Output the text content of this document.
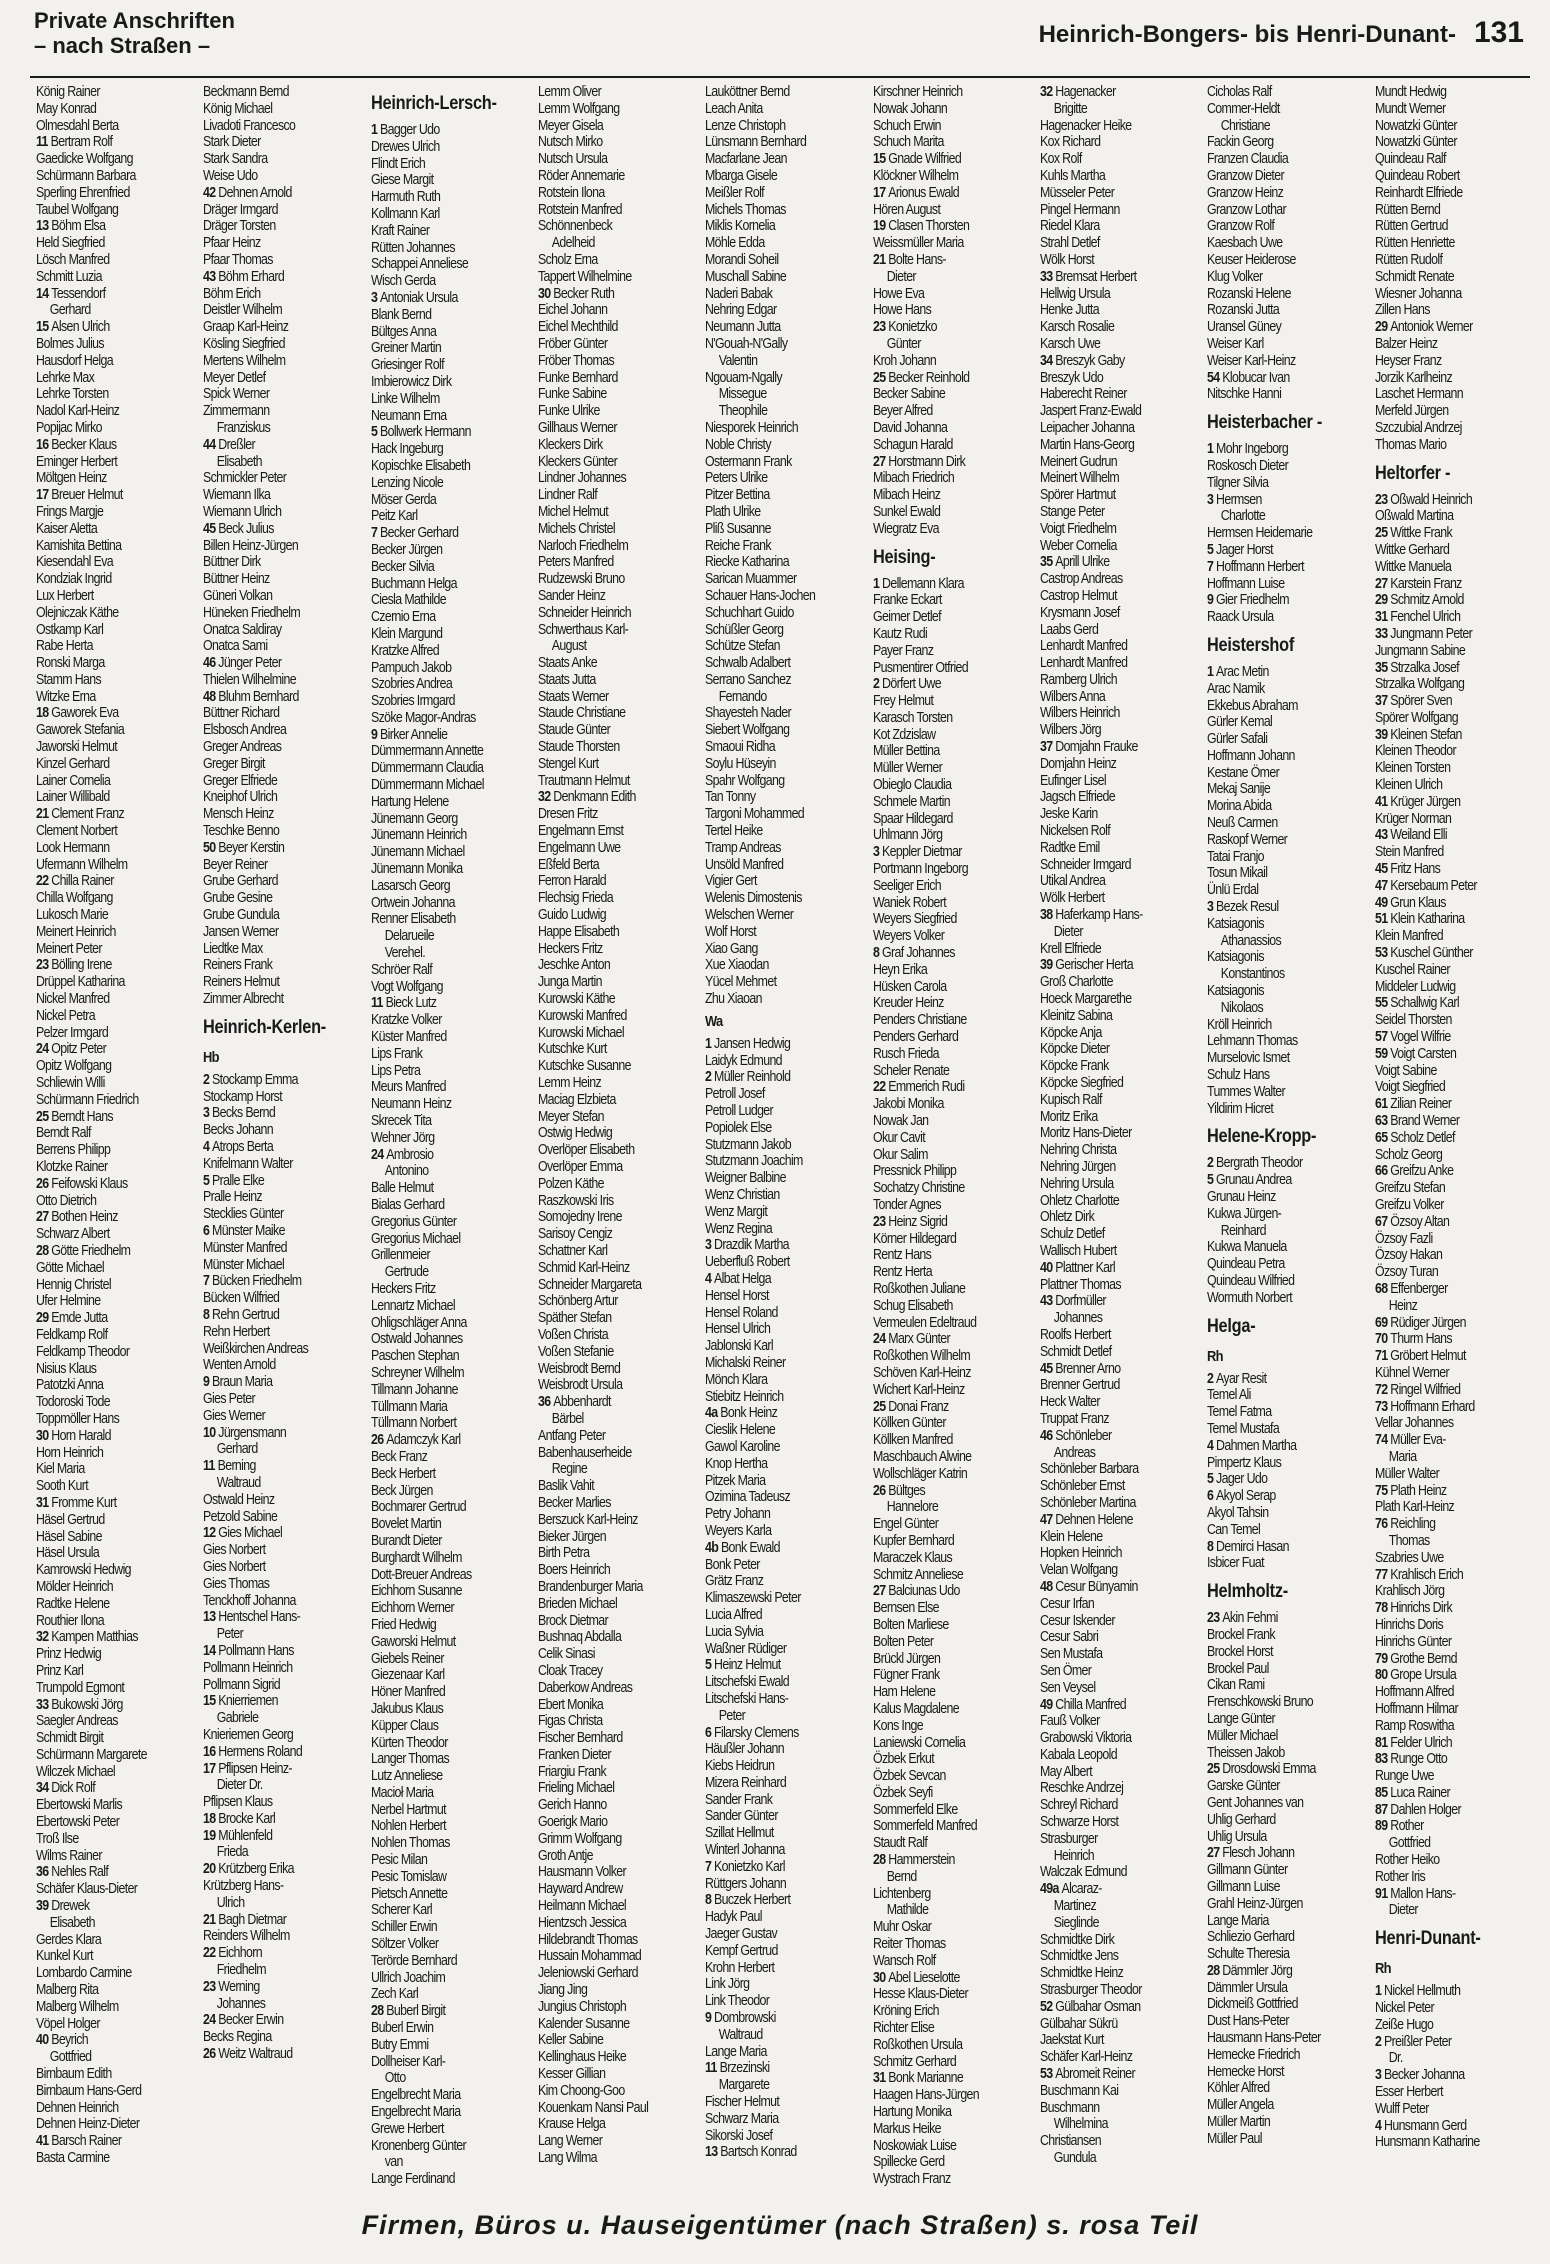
Private Anschriften
– nach Straßen –	Heinrich-Bongers- bis Henri-Dunant- 131
König Rainer
May Konrad
Olmesdahl Berta
11 Bertram Rolf
Gaedicke Wolfgang
Schürmann Barbara
Sperling Ehrenfried
Taubel Wolfgang
13 Böhm Elsa
Held Siegfried
Lösch Manfred
Schmitt Luzia
14 Tessendorf
Gerhard
15 Alsen Ulrich
Bolmes Julius
Hausdorf Helga
Lehrke Max
Lehrke Torsten
Nadol Karl-Heinz
Popijac Mirko
16 Becker Klaus
Eminger Herbert
Möltgen Heinz
17 Breuer Helmut
Frings Margje
Kaiser Aletta
Kamishita Bettina
Kiesendahl Eva
Kondziak Ingrid
Lux Herbert
Olejniczak Käthe
Ostkamp Karl
Rabe Herta
Ronski Marga
Stamm Hans
Witzke Erna
18 Gaworek Eva
Gaworek Stefania
Jaworski Helmut
Kinzel Gerhard
Lainer Cornelia
Lainer Willibald
21 Clement Franz
Clement Norbert
Look Hermann
Ufermann Wilhelm
22 Chilla Rainer
Chilla Wolfgang
Lukosch Marie
Meinert Heinrich
Meinert Peter
23 Bölling Irene
Drüppel Katharina
Nickel Manfred
Nickel Petra
Pelzer Irmgard
24 Opitz Peter
Opitz Wolfgang
Schliewin Willi
Schürmann Friedrich
25 Berndt Hans
Berndt Ralf
Berrens Philipp
Klotzke Rainer
26 Feifowski Klaus
Otto Dietrich
27 Bothen Heinz
Schwarz Albert
28 Götte Friedhelm
Götte Michael
Hennig Christel
Ufer Helmine
29 Emde Jutta
Feldkamp Rolf
Feldkamp Theodor
Nisius Klaus
Patotzki Anna
Todoroski Tode
Toppmöller Hans
30 Horn Harald
Horn Heinrich
Kiel Maria
Sooth Kurt
31 Fromme Kurt
Häsel Gertrud
Häsel Sabine
Häsel Ursula
Kamrowski Hedwig
Mölder Heinrich
Radtke Helene
Routhier Ilona
32 Kampen Matthias
Prinz Hedwig
Prinz Karl
Trumpold Egmont
33 Bukowski Jörg
Saegler Andreas
Schmidt Birgit
Schürmann Margarete
Wilczek Michael
34 Dick Rolf
Ebertowski Marlis
Ebertowski Peter
Troß Ilse
Wilms Rainer
36 Nehles Ralf
Schäfer Klaus-Dieter
39 Drewek
Elisabeth
Gerdes Klara
Kunkel Kurt
Lombardo Carmine
Malberg Rita
Malberg Wilhelm
Vöpel Holger
40 Beyrich
Gottfried
Birnbaum Edith
Birnbaum Hans-Gerd
Dehnen Heinrich
Dehnen Heinz-Dieter
41 Barsch Rainer
Basta Carmine
Beckmann Bernd
König Michael
Livadoti Francesco
Stark Dieter
Stark Sandra
Weise Udo
42 Dehnen Arnold
Dräger Irmgard
Dräger Torsten
Pfaar Heinz
Pfaar Thomas
43 Böhm Erhard
Böhm Erich
Deistler Wilhelm
Graap Karl-Heinz
Kösling Siegfried
Mertens Wilhelm
Meyer Detlef
Spick Werner
Zimmermann
Franziskus
44 Dreßler
Elisabeth
Schmickler Peter
Wiemann Ilka
Wiemann Ulrich
45 Beck Julius
Billen Heinz-Jürgen
Büttner Dirk
Büttner Heinz
Güneri Volkan
Hüneken Friedhelm
Onatca Saldiray
Onatca Sami
46 Jünger Peter
Thielen Wilhelmine
48 Bluhm Bernhard
Büttner Richard
Elsbosch Andrea
Greger Andreas
Greger Birgit
Greger Elfriede
Kneiphof Ulrich
Mensch Heinz
Teschke Benno
50 Beyer Kerstin
Beyer Reiner
Grube Gerhard
Grube Gesine
Grube Gundula
Jansen Werner
Liedtke Max
Reiners Frank
Reiners Helmut
Zimmer Albrecht
Heinrich-Kerlen-
Hb
2 Stockamp Emma
Stockamp Horst
3 Becks Bernd
Becks Johann
4 Atrops Berta
Knifelmann Walter
5 Pralle Elke
Pralle Heinz
Stecklies Günter
6 Münster Maike
Münster Manfred
Münster Michael
7 Bücken Friedhelm
Bücken Wilfried
8 Rehn Gertrud
Rehn Herbert
Weißkirchen Andreas
Wenten Arnold
9 Braun Maria
Gies Peter
Gies Werner
10 Jürgensmann
Gerhard
11 Berning
Waltraud
Ostwald Heinz
Petzold Sabine
12 Gies Michael
Gies Norbert
Gies Norbert
Gies Thomas
Tenckhoff Johanna
13 Hentschel Hans-
Peter
14 Pollmann Hans
Pollmann Heinrich
Pollmann Sigrid
15 Knierriemen
Gabriele
Knieriemen Georg
16 Hermens Roland
17 Pflipsen Heinz-
Dieter Dr.
Pflipsen Klaus
18 Brocke Karl
19 Mühlenfeld
Frieda
20 Krützberg Erika
Krützberg Hans-
Ulrich
21 Bagh Dietmar
Reinders Wilhelm
22 Eichhorn
Friedhelm
23 Werning
Johannes
24 Becker Erwin
Becks Regina
26 Weitz Waltraud
Heinrich-Lersch-
1 Bagger Udo
Drewes Ulrich
Flindt Erich
Giese Margit
Harmuth Ruth
Kollmann Karl
Kraft Rainer
Rütten Johannes
Schappei Anneliese
Wisch Gerda
3 Antoniak Ursula
Blank Bernd
Bültges Anna
Greiner Martin
Griesinger Rolf
Imbierowicz Dirk
Linke Wilhelm
Neumann Erna
5 Bollwerk Hermann
Hack Ingeburg
Kopischke Elisabeth
Lenzing Nicole
Möser Gerda
Peitz Karl
7 Becker Gerhard
Becker Jürgen
Becker Silvia
Buchmann Helga
Ciesla Mathilde
Czernio Erna
Klein Margund
Kratzke Alfred
Pampuch Jakob
Szobries Andrea
Szobries Irmgard
Szöke Magor-Andras
9 Birker Annelie
Dümmermann Annette
Dümmermann Claudia
Dümmermann Michael
Hartung Helene
Jünemann Georg
Jünemann Heinrich
Jünemann Michael
Jünemann Monika
Lasarsch Georg
Ortwein Johanna
Renner Elisabeth
Delarueile
Verehel.
Schröer Ralf
Vogt Wolfgang
11 Bieck Lutz
Kratzke Volker
Küster Manfred
Lips Frank
Lips Petra
Meurs Manfred
Neumann Heinz
Skrecek Tita
Wehner Jörg
24 Ambrosio
Antonino
Balle Helmut
Bialas Gerhard
Gregorius Günter
Gregorius Michael
Grillenmeier
Gertrude
Heckers Fritz
Lennartz Michael
Ohligschläger Anna
Ostwald Johannes
Paschen Stephan
Schreyner Wilhelm
Tillmann Johanne
Tüllmann Maria
Tüllmann Norbert
26 Adamczyk Karl
Beck Franz
Beck Herbert
Beck Jürgen
Bochmarer Gertrud
Bovelet Martin
Burandt Dieter
Burghardt Wilhelm
Dott-Breuer Andreas
Eichhorn Susanne
Eichhorn Werner
Fried Hedwig
Gaworski Helmut
Giebels Reiner
Giezenaar Karl
Höner Manfred
Jakubus Klaus
Küpper Claus
Kürten Theodor
Langer Thomas
Lutz Anneliese
Macioł Maria
Nerbel Hartmut
Nohlen Herbert
Nohlen Thomas
Pesic Milan
Pesic Tomislaw
Pietsch Annette
Scherer Karl
Schiller Erwin
Söltzer Volker
Terörde Bernhard
Ullrich Joachim
Zech Karl
28 Buberl Birgit
Buberl Erwin
Butry Emmi
Dollheiser Karl-
Otto
Engelbrecht Maria
Engelbrecht Maria
Grewe Herbert
Kronenberg Günter
van
Lange Ferdinand
Lemm Oliver
Lemm Wolfgang
Meyer Gisela
Nutsch Mirko
Nutsch Ursula
Röder Annemarie
Rotstein Ilona
Rotstein Manfred
Schönnenbeck
Adelheid
Scholz Erna
Tappert Wilhelmine
30 Becker Ruth
Eichel Johann
Eichel Mechthild
Fröber Günter
Fröber Thomas
Funke Bernhard
Funke Sabine
Funke Ulrike
Gillhaus Werner
Kleckers Dirk
Kleckers Günter
Lindner Johannes
Lindner Ralf
Michel Helmut
Michels Christel
Narloch Friedhelm
Peters Manfred
Rudzewski Bruno
Sander Heinz
Schneider Heinrich
Schwerthaus Karl-
August
Staats Anke
Staats Jutta
Staats Werner
Staude Christiane
Staude Günter
Staude Thorsten
Stengel Kurt
Trautmann Helmut
32 Denkmann Edith
Dresen Fritz
Engelmann Ernst
Engelmann Uwe
Eßfeld Berta
Ferron Harald
Flechsig Frieda
Guido Ludwig
Happe Elisabeth
Heckers Fritz
Jeschke Anton
Junga Martin
Kurowski Käthe
Kurowski Manfred
Kurowski Michael
Kutschke Kurt
Kutschke Susanne
Lemm Heinz
Maciag Elzbieta
Meyer Stefan
Ostwig Hedwig
Overlöper Elisabeth
Overlöper Emma
Polzen Käthe
Raszkowski Iris
Somojedny Irene
Sarisoy Cengiz
Schattner Karl
Schmid Karl-Heinz
Schneider Margareta
Schönberg Artur
Späther Stefan
Voßen Christa
Voßen Stefanie
Weisbrodt Bernd
Weisbrodt Ursula
36 Abbenhardt
Bärbel
Antfang Peter
Babenhauserheide
Regine
Baslik Vahit
Becker Marlies
Berszuck Karl-Heinz
Bieker Jürgen
Birth Petra
Boers Heinrich
Brandenburger Maria
Brieden Michael
Brock Dietmar
Bushnaq Abdalla
Celik Sinasi
Cloak Tracey
Daberkow Andreas
Ebert Monika
Figas Christa
Fischer Bernhard
Franken Dieter
Friargiu Frank
Frieling Michael
Gerich Hanno
Goerigk Mario
Grimm Wolfgang
Groth Antje
Hausmann Volker
Hayward Andrew
Heilmann Michael
Hientzsch Jessica
Hildebrandt Thomas
Hussain Mohammad
Jeleniowski Gerhard
Jiang Jing
Jungius Christoph
Kalender Susanne
Keller Sabine
Kellinghaus Heike
Kesser Gillian
Kim Choong-Goo
Kouenkam Nansi Paul
Krause Helga
Lang Werner
Lang Wilma
Lauköttner Bernd
Leach Anita
Lenze Christoph
Lünsmann Bernhard
Macfarlane Jean
Mbarga Gisele
Meißler Rolf
Michels Thomas
Miklis Kornelia
Möhle Edda
Morandi Soheil
Muschall Sabine
Naderi Babak
Nehring Edgar
Neumann Jutta
N'Gouah-N'Gally
Valentin
Ngouam-Ngally
Missegue
Theophile
Niesporek Heinrich
Noble Christy
Ostermann Frank
Peters Ulrike
Pitzer Bettina
Plath Ulrike
Pliß Susanne
Reiche Frank
Riecke Katharina
Sarican Muammer
Schauer Hans-Jochen
Schuchhart Guido
Schüßler Georg
Schütze Stefan
Schwalb Adalbert
Serrano Sanchez
Fernando
Shayesteh Nader
Siebert Wolfgang
Smaoui Ridha
Soylu Hüseyin
Spahr Wolfgang
Tan Tonny
Targoni Mohammed
Tertel Heike
Tramp Andreas
Unsöld Manfred
Vigier Gert
Welenis Dimostenis
Welschen Werner
Wolf Horst
Xiao Gang
Xue Xiaodan
Yücel Mehmet
Zhu Xiaoan
Wa
1 Jansen Hedwig
Laidyk Edmund
2 Müller Reinhold
Petroll Josef
Petroll Ludger
Popiolek Else
Stutzmann Jakob
Stutzmann Joachim
Weigner Balbine
Wenz Christian
Wenz Margit
Wenz Regina
3 Drazdik Martha
Ueberfluß Robert
4 Albat Helga
Hensel Horst
Hensel Roland
Hensel Ulrich
Jablonski Karl
Michalski Reiner
Mönch Klara
Stiebitz Heinrich
4a Bonk Heinz
Cieslik Helene
Gawol Karoline
Knop Hertha
Pitzek Maria
Ozimina Tadeusz
Petry Johann
Weyers Karla
4b Bonk Ewald
Bonk Peter
Grätz Franz
Klimaszewski Peter
Lucia Alfred
Lucia Sylvia
Waßner Rüdiger
5 Heinz Helmut
Litschefski Ewald
Litschefski Hans-
Peter
6 Filarsky Clemens
Häußler Johann
Kiebs Heidrun
Mizera Reinhard
Sander Frank
Sander Günter
Szillat Hellmut
Winterl Johanna
7 Konietzko Karl
Rüttgers Johann
8 Buczek Herbert
Hadyk Paul
Jaeger Gustav
Kempf Gertrud
Krohn Herbert
Link Jörg
Link Theodor
9 Dombrowski
Waltraud
Lange Maria
11 Brzezinski
Margarete
Fischer Helmut
Schwarz Maria
Sikorski Josef
13 Bartsch Konrad
Kirschner Heinrich
Nowak Johann
Schuch Erwin
Schuch Marita
15 Gnade Wilfried
Klöckner Wilhelm
17 Arionus Ewald
Hören August
19 Clasen Thorsten
Weissmüller Maria
21 Bolte Hans-
Dieter
Howe Eva
Howe Hans
23 Konietzko
Günter
Kroh Johann
25 Becker Reinhold
Becker Sabine
Beyer Alfred
David Johanna
Schagun Harald
27 Horstmann Dirk
Mibach Friedrich
Mibach Heinz
Sunkel Ewald
Wiegratz Eva
Heising-
1 Dellemann Klara
Franke Eckart
Geimer Detlef
Kautz Rudi
Payer Franz
Pusmentirer Otfried
2 Dörfert Uwe
Frey Helmut
Karasch Torsten
Kot Zdzislaw
Müller Bettina
Müller Werner
Obieglo Claudia
Schmele Martin
Spaar Hildegard
Uhlmann Jörg
3 Keppler Dietmar
Portmann Ingeborg
Seeliger Erich
Waniek Robert
Weyers Siegfried
Weyers Volker
8 Graf Johannes
Heyn Erika
Hüsken Carola
Kreuder Heinz
Penders Christiane
Penders Gerhard
Rusch Frieda
Scheler Renate
22 Emmerich Rudi
Jakobi Monika
Nowak Jan
Okur Cavit
Okur Salim
Pressnick Philipp
Sochatzy Christine
Tonder Agnes
23 Heinz Sigrid
Körner Hildegard
Rentz Hans
Rentz Herta
Roßkothen Juliane
Schug Elisabeth
Vermeulen Edeltraud
24 Marx Günter
Roßkothen Wilhelm
Schöven Karl-Heinz
Wichert Karl-Heinz
25 Donai Franz
Köllken Günter
Köllken Manfred
Maschbauch Alwine
Wollschläger Katrin
26 Bültges
Hannelore
Engel Günter
Kupfer Bernhard
Maraczek Klaus
Schmitz Anneliese
27 Balciunas Udo
Bernsen Else
Bolten Marliese
Bolten Peter
Brückl Jürgen
Fügner Frank
Ham Helene
Kalus Magdalene
Kons Inge
Laniewski Cornelia
Özbek Erkut
Özbek Sevcan
Özbek Seyfi
Sommerfeld Elke
Sommerfeld Manfred
Staudt Ralf
28 Hammerstein
Bernd
Lichtenberg
Mathilde
Muhr Oskar
Reiter Thomas
Wansch Rolf
30 Abel Lieselotte
Hesse Klaus-Dieter
Kröning Erich
Richter Elise
Roßkothen Ursula
Schmitz Gerhard
31 Bonk Marianne
Haagen Hans-Jürgen
Hartung Monika
Markus Heike
Noskowiak Luise
Spillecke Gerd
Wystrach Franz
32 Hagenacker
Brigitte
Hagenacker Heike
Kox Richard
Kox Rolf
Kuhls Martha
Müsseler Peter
Pingel Hermann
Riedel Klara
Strahl Detlef
Wölk Horst
33 Bremsat Herbert
Hellwig Ursula
Henke Jutta
Karsch Rosalie
Karsch Uwe
34 Breszyk Gaby
Breszyk Udo
Haberecht Reiner
Jaspert Franz-Ewald
Leipacher Johanna
Martin Hans-Georg
Meinert Gudrun
Meinert Wilhelm
Spörer Hartmut
Stange Peter
Voigt Friedhelm
Weber Cornelia
35 Aprill Ulrike
Castrop Andreas
Castrop Helmut
Krysmann Josef
Laabs Gerd
Lenhardt Manfred
Lenhardt Manfred
Ramberg Ulrich
Wilbers Anna
Wilbers Heinrich
Wilbers Jörg
37 Domjahn Frauke
Domjahn Heinz
Eufinger Lisel
Jagsch Elfriede
Jeske Karin
Nickelsen Rolf
Radtke Emil
Schneider Irmgard
Utikal Andrea
Wölk Herbert
38 Haferkamp Hans-
Dieter
Krell Elfriede
39 Gerischer Herta
Groß Charlotte
Hoeck Margarethe
Kleinitz Sabina
Köpcke Anja
Köpcke Dieter
Köpcke Frank
Köpcke Siegfried
Kupisch Ralf
Moritz Erika
Moritz Hans-Dieter
Nehring Christa
Nehring Jürgen
Nehring Ursula
Ohletz Charlotte
Ohletz Dirk
Schulz Detlef
Wallisch Hubert
40 Plattner Karl
Plattner Thomas
43 Dorfmüller
Johannes
Roolfs Herbert
Schmidt Detlef
45 Brenner Arno
Brenner Gertrud
Heck Walter
Truppat Franz
46 Schönleber
Andreas
Schönleber Barbara
Schönleber Ernst
Schönleber Martina
47 Dehnen Helene
Klein Helene
Hopken Heinrich
Velan Wolfgang
48 Cesur Bünyamin
Cesur Irfan
Cesur Iskender
Cesur Sabri
Sen Mustafa
Sen Ömer
Sen Veysel
49 Chilla Manfred
Fauß Volker
Grabowski Viktoria
Kabala Leopold
May Albert
Reschke Andrzej
Schreyl Richard
Schwarze Horst
Strasburger
Heinrich
Walczak Edmund
49a Alcaraz-
Martinez
Sieglinde
Schmidtke Dirk
Schmidtke Jens
Schmidtke Heinz
Strasburger Theodor
52 Gülbahar Osman
Gülbahar Sükrü
Jaekstat Kurt
Schäfer Karl-Heinz
53 Abromeit Reiner
Buschmann Kai
Buschmann
Wilhelmina
Christiansen
Gundula
Cicholas Ralf
Commer-Heldt
Christiane
Fackin Georg
Franzen Claudia
Granzow Dieter
Granzow Heinz
Granzow Lothar
Granzow Rolf
Kaesbach Uwe
Keuser Heiderose
Klug Volker
Rozanski Helene
Rozanski Jutta
Uransel Güney
Weiser Karl
Weiser Karl-Heinz
54 Klobucar Ivan
Nitschke Hanni
Heisterbacher -
1 Mohr Ingeborg
Roskosch Dieter
Tilgner Silvia
3 Hermsen
Charlotte
Hermsen Heidemarie
5 Jager Horst
7 Hoffmann Herbert
Hoffmann Luise
9 Gier Friedhelm
Raack Ursula
Heistershof
1 Arac Metin
Arac Namik
Ekkebus Abraham
Gürler Kemal
Gürler Safali
Hoffmann Johann
Kestane Ömer
Mekaj Sanije
Morina Abida
Neuß Carmen
Raskopf Werner
Tatai Franjo
Tosun Mikail
Ünlü Erdal
3 Bezek Resul
Katsiagonis
Athanassios
Katsiagonis
Konstantinos
Katsiagonis
Nikolaos
Kröll Heinrich
Lehmann Thomas
Murselovic Ismet
Schulz Hans
Tummes Walter
Yildirim Hicret
Helene-Kropp-
2 Bergrath Theodor
5 Grunau Andrea
Grunau Heinz
Kukwa Jürgen-
Reinhard
Kukwa Manuela
Quindeau Petra
Quindeau Wilfried
Wormuth Norbert
Helga-
Rh
2 Ayar Resit
Temel Ali
Temel Fatma
Temel Mustafa
4 Dahmen Martha
Pimpertz Klaus
5 Jager Udo
6 Akyol Serap
Akyol Tahsin
Can Temel
8 Demirci Hasan
Isbicer Fuat
Helmholtz-
23 Akin Fehmi
Brockel Frank
Brockel Horst
Brockel Paul
Cikan Rami
Frenschkowski Bruno
Lange Günter
Müller Michael
Theissen Jakob
25 Drosdowski Emma
Garske Günter
Gent Johannes van
Uhlig Gerhard
Uhlig Ursula
27 Flesch Johann
Gillmann Günter
Gillmann Luise
Grahl Heinz-Jürgen
Lange Maria
Schliezio Gerhard
Schulte Theresia
28 Dämmler Jörg
Dämmler Ursula
Dickmeiß Gottfried
Dust Hans-Peter
Hausmann Hans-Peter
Hemecke Friedrich
Hemecke Horst
Köhler Alfred
Müller Angela
Müller Martin
Müller Paul
Mundt Hedwig
Mundt Werner
Nowatzki Günter
Nowatzki Günter
Quindeau Ralf
Quindeau Robert
Reinhardt Elfriede
Rütten Bernd
Rütten Gertrud
Rütten Henriette
Rütten Rudolf
Schmidt Renate
Wiesner Johanna
Zillen Hans
29 Antoniok Werner
Balzer Heinz
Heyser Franz
Jorzik Karlheinz
Laschet Hermann
Merfeld Jürgen
Szczubial Andrzej
Thomas Mario
Heltorfer -
23 Oßwald Heinrich
Oßwald Martina
25 Wittke Frank
Wittke Gerhard
Wittke Manuela
27 Karstein Franz
29 Schmitz Arnold
31 Fenchel Ulrich
33 Jungmann Peter
Jungmann Sabine
35 Strzalka Josef
Strzalka Wolfgang
37 Spörer Sven
Spörer Wolfgang
39 Kleinen Stefan
Kleinen Theodor
Kleinen Torsten
Kleinen Ulrich
41 Krüger Jürgen
Krüger Norman
43 Weiland Elli
Stein Manfred
45 Fritz Hans
47 Kersebaum Peter
49 Grun Klaus
51 Klein Katharina
Klein Manfred
53 Kuschel Günther
Kuschel Rainer
Middeler Ludwig
55 Schallwig Karl
Seidel Thorsten
57 Vogel Wilfrie
59 Voigt Carsten
Voigt Sabine
Voigt Siegfried
61 Zilian Reiner
63 Brand Werner
65 Scholz Detlef
Scholz Georg
66 Greifzu Anke
Greifzu Stefan
Greifzu Volker
67 Özsoy Altan
Özsoy Fazli
Özsoy Hakan
Özsoy Turan
68 Effenberger
Heinz
69 Rüdiger Jürgen
70 Thurm Hans
71 Gröbert Helmut
Kühnel Werner
72 Ringel Wilfried
73 Hoffmann Erhard
Vellar Johannes
74 Müller Eva-
Maria
Müller Walter
75 Plath Heinz
Plath Karl-Heinz
76 Reichling
Thomas
Szabries Uwe
77 Krahlisch Erich
Krahlisch Jörg
78 Hinrichs Dirk
Hinrichs Doris
Hinrichs Günter
79 Grothe Bernd
80 Grope Ursula
Hoffmann Alfred
Hoffmann Hilmar
Ramp Roswitha
81 Felder Ulrich
83 Runge Otto
Runge Uwe
85 Luca Rainer
87 Dahlen Holger
89 Rother
Gottfried
Rother Heiko
Rother Iris
91 Mallon Hans-
Dieter
Henri-Dunant-
Rh
1 Nickel Hellmuth
Nickel Peter
Zeiße Hugo
2 Preißler Peter
Dr.
3 Becker Johanna
Esser Herbert
Wulff Peter
4 Hunsmann Gerd
Hunsmann Katharine
Firmen, Büros u. Hauseigentümer (nach Straßen) s. rosa Teil
